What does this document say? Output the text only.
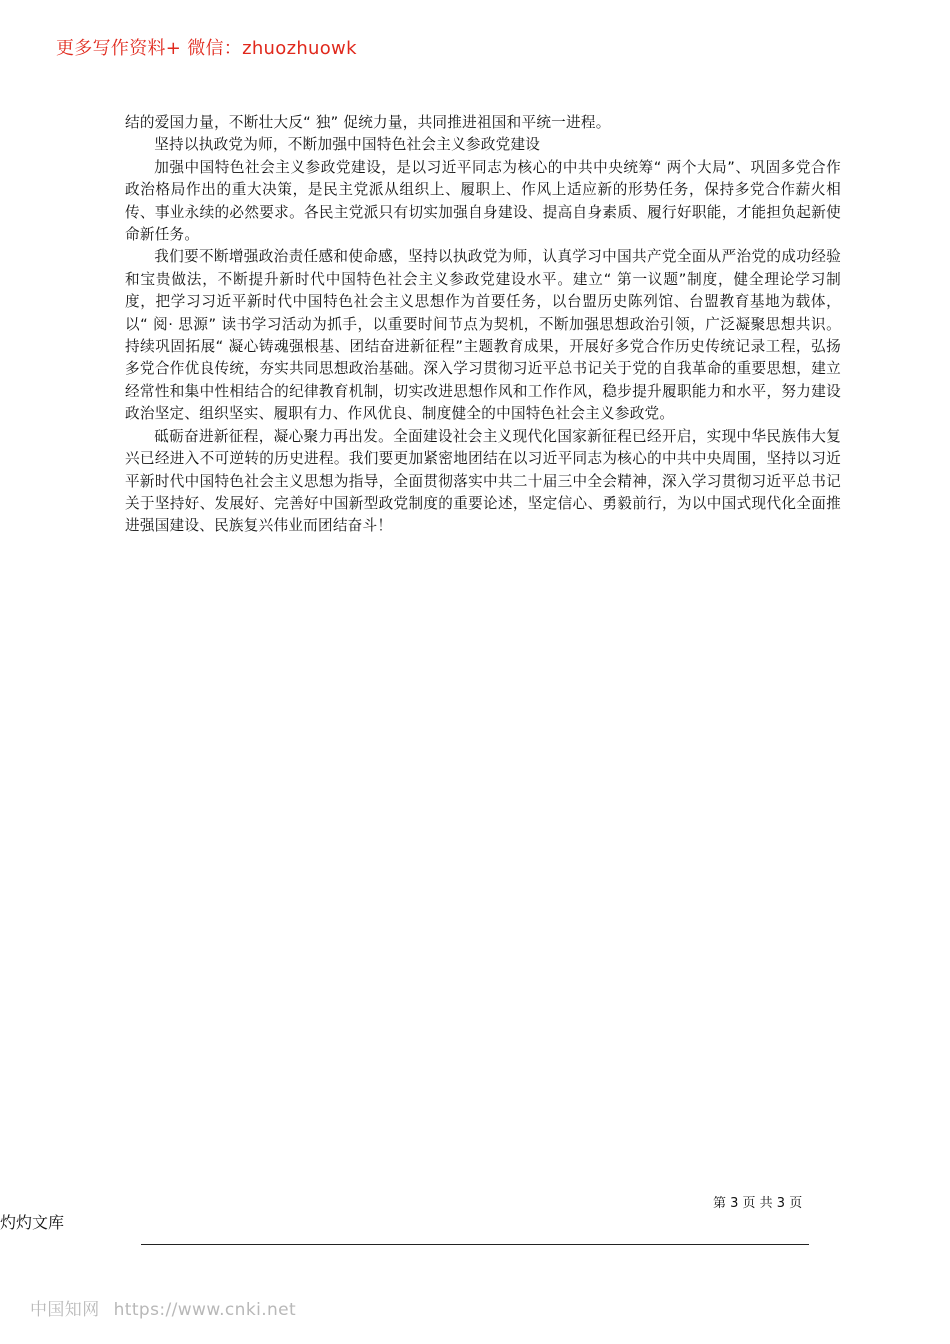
更多写作资料+ 微信：zhuozhuowk

结的爱国力量，不断壮大反“ 独” 促统力量，共同推进祖国和平统一进程。

坚持以执政党为师，不断加强中国特色社会主义参政党建设

加强中国特色社会主义参政党建设，是以习近平同志为核心的中共中央统筹“ 两个大局”、巩固多党合作政治格局作出的重大决策，是民主党派从组织上、履职上、作风上适应新的形势任务，保持多党合作薪火相传、事业永续的必然要求。各民主党派只有切实加强自身建设、提高自身素质、履行好职能，才能担负起新使命新任务。

我们要不断增强政治责任感和使命感，坚持以执政党为师，认真学习中国共产党全面从严治党的成功经验和宝贵做法，不断提升新时代中国特色社会主义参政党建设水平。建立“ 第一议题”制度，健全理论学习制度，把学习习近平新时代中国特色社会主义思想作为首要任务，以台盟历史陈列馆、台盟教育基地为载体，以“ 阅· 思源” 读书学习活动为抓手，以重要时间节点为契机，不断加强思想政治引领，广泛凝聚思想共识。持续巩固拓展“ 凝心铸魂强根基、团结奋进新征程”主题教育成果，开展好多党合作历史传统记录工程，弘扬多党合作优良传统，夯实共同思想政治基础。深入学习贯彻习近平总书记关于党的自我革命的重要思想，建立经常性和集中性相结合的纪律教育机制，切实改进思想作风和工作作风，稳步提升履职能力和水平，努力建设政治坚定、组织坚实、履职有力、作风优良、制度健全的中国特色社会主义参政党。

砥砺奋进新征程，凝心聚力再出发。全面建设社会主义现代化国家新征程已经开启，实现中华民族伟大复兴已经进入不可逆转的历史进程。我们要更加紧密地团结在以习近平同志为核心的中共中央周围，坚持以习近平新时代中国特色社会主义思想为指导，全面贯彻落实中共二十届三中全会精神，深入学习贯彻习近平总书记关于坚持好、发展好、完善好中国新型政党制度的重要论述，坚定信心、勇毅前行，为以中国式现代化全面推进强国建设、民族复兴伟业而团结奋斗！

第 3 页 共 3 页
灼灼文库
中国知网 https://www.cnki.net
